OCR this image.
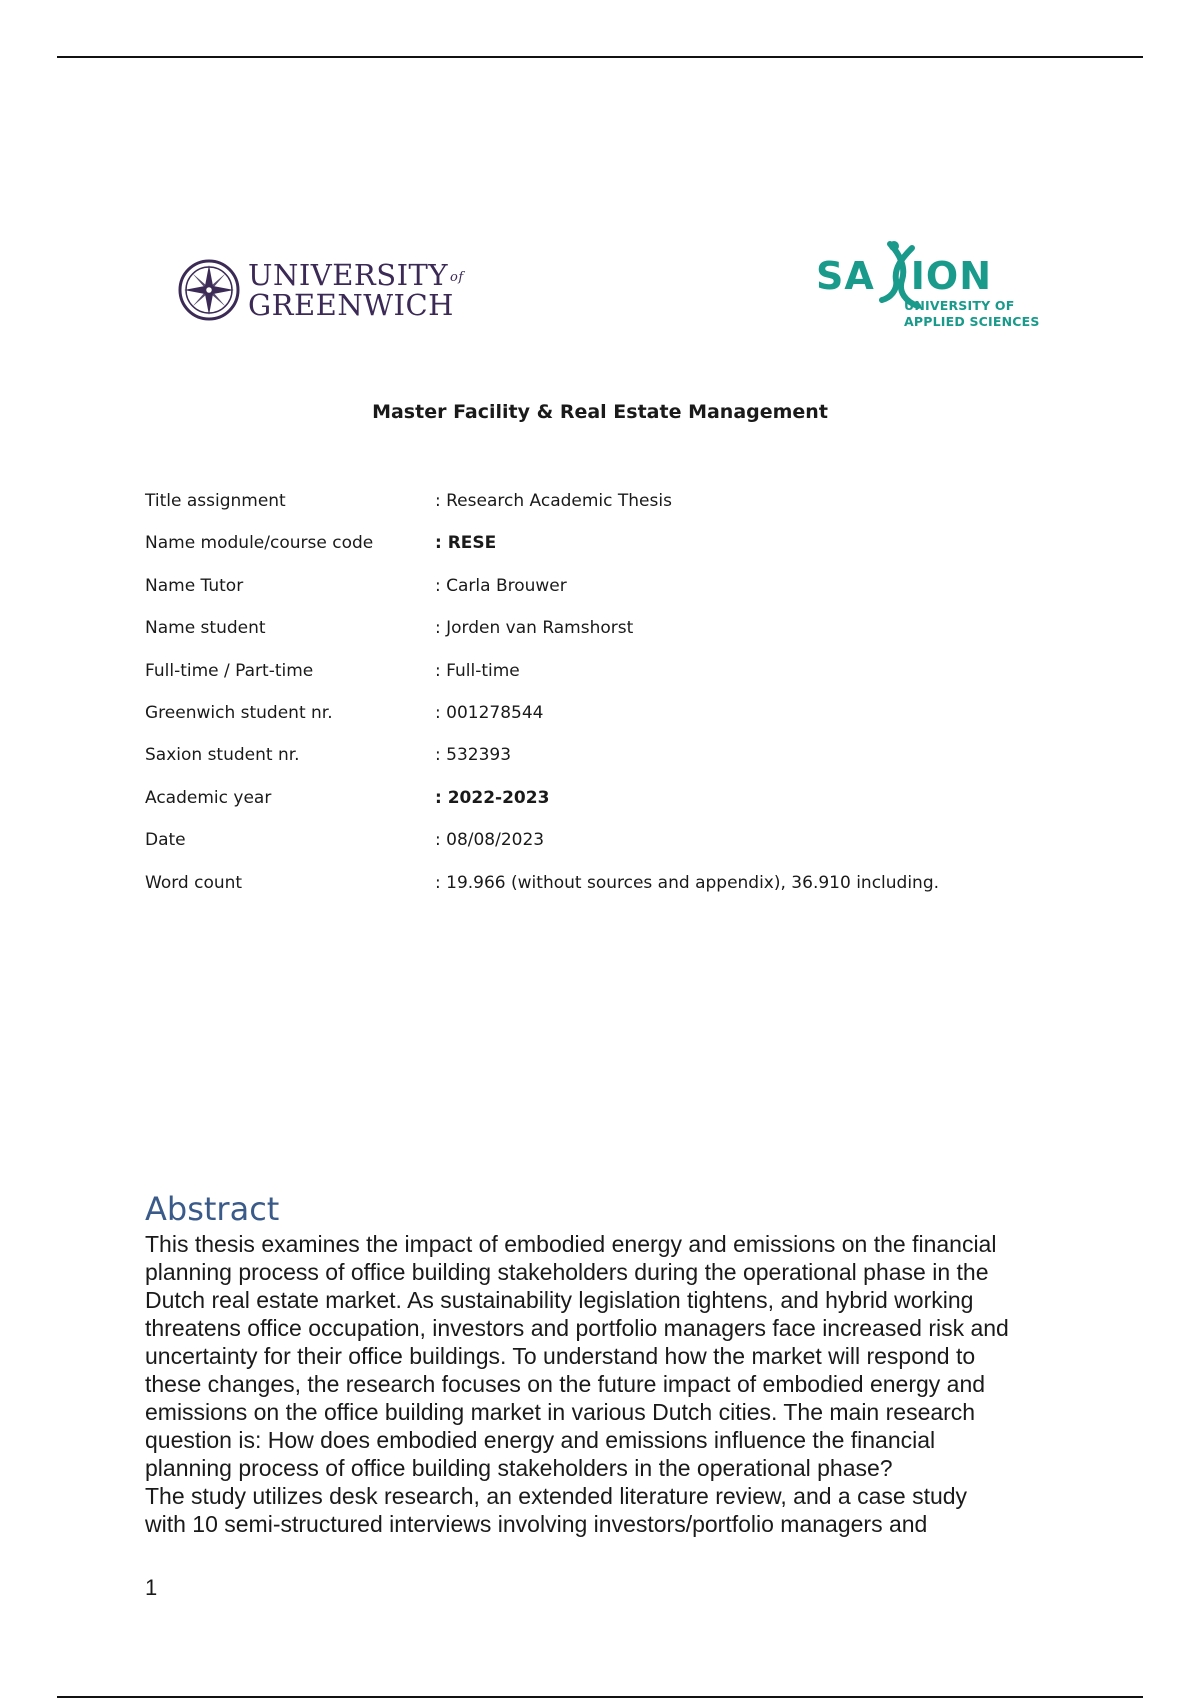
UNIVERSITY of
GREENWICH
SA ION
UNIVERSITY OF
APPLIED SCIENCES
Master Facility & Real Estate Management
Title assignment	: Research Academic Thesis
Name module/course code	: RESE
Name Tutor	: Carla Brouwer
Name student	: Jorden van Ramshorst
Full-time / Part-time	: Full-time
Greenwich student nr.	: 001278544
Saxion student nr.	: 532393
Academic year	: 2022-2023
Date	: 08/08/2023
Word count	: 19.966 (without sources and appendix), 36.910 including.
Abstract
This thesis examines the impact of embodied energy and emissions on the financial
planning process of office building stakeholders during the operational phase in the
Dutch real estate market. As sustainability legislation tightens, and hybrid working
threatens office occupation, investors and portfolio managers face increased risk and
uncertainty for their office buildings. To understand how the market will respond to
these changes, the research focuses on the future impact of embodied energy and
emissions on the office building market in various Dutch cities. The main research
question is: How does embodied energy and emissions influence the financial
planning process of office building stakeholders in the operational phase?
The study utilizes desk research, an extended literature review, and a case study
with 10 semi-structured interviews involving investors/portfolio managers and
1
